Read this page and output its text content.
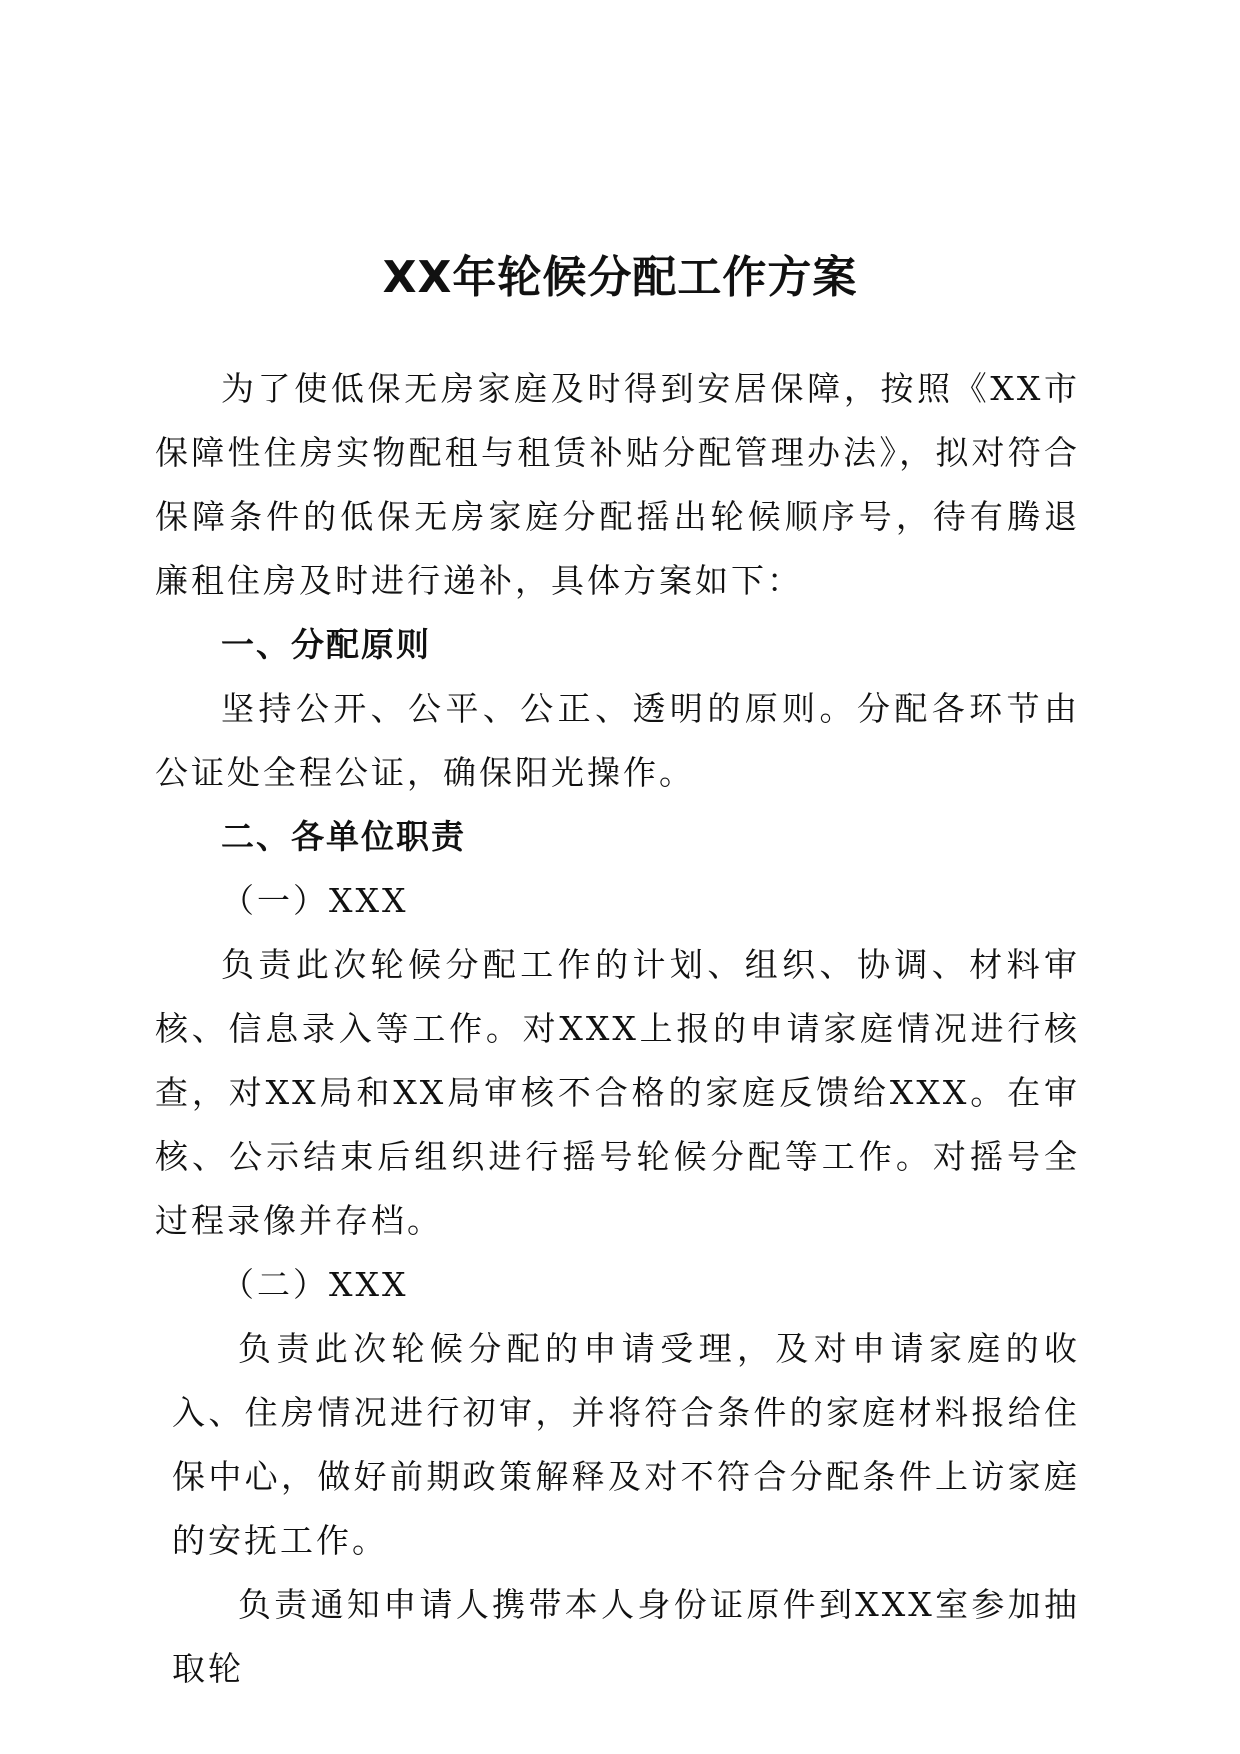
XX年轮候分配工作方案

为了使低保无房家庭及时得到安居保障，按照《XX市保障性住房实物配租与租赁补贴分配管理办法》，拟对符合保障条件的低保无房家庭分配摇出轮候顺序号，待有腾退廉租住房及时进行递补，具体方案如下：

一、分配原则

坚持公开、公平、公正、透明的原则。分配各环节由公证处全程公证，确保阳光操作。

二、各单位职责

（一）XXX

负责此次轮候分配工作的计划、组织、协调、材料审核、信息录入等工作。对XXX上报的申请家庭情况进行核查，对XX局和XX局审核不合格的家庭反馈给XXX。在审核、公示结束后组织进行摇号轮候分配等工作。对摇号全过程录像并存档。

（二）XXX

负责此次轮候分配的申请受理，及对申请家庭的收入、住房情况进行初审，并将符合条件的家庭材料报给住保中心，做好前期政策解释及对不符合分配条件上访家庭的安抚工作。

负责通知申请人携带本人身份证原件到XXX室参加抽取轮
